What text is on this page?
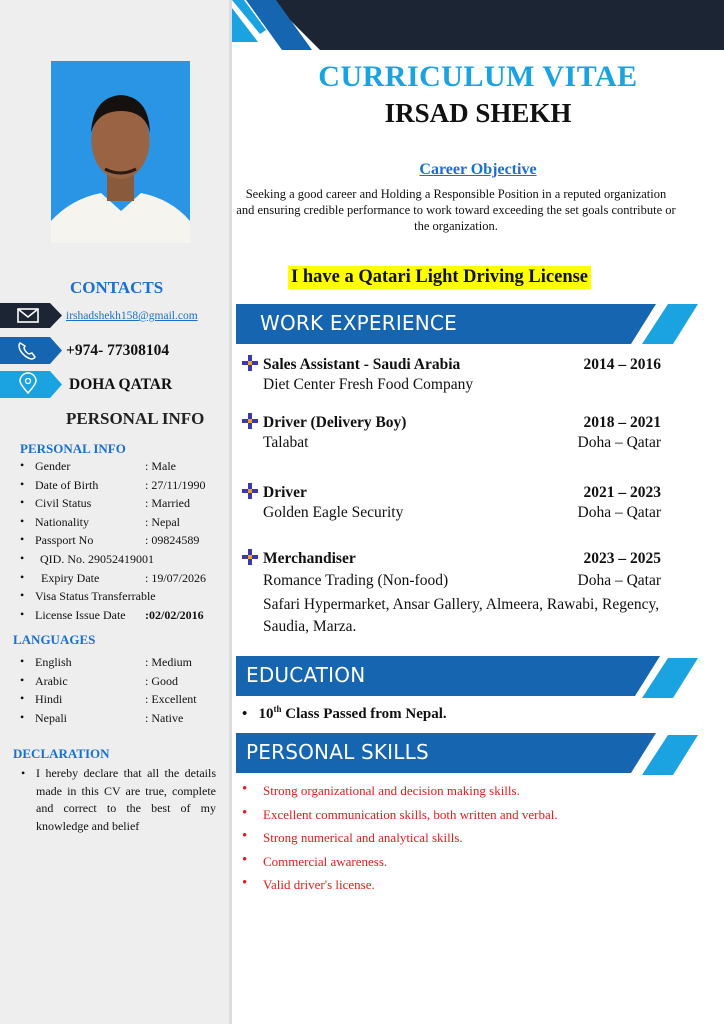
CONTACTS
irshadshekh158@gmail.com
+974- 77308104
DOHA QATAR
PERSONAL INFO
PERSONAL INFO
• Gender	: Male
• Date of Birth	: 27/11/1990
• Civil Status	: Married
• Nationality	: Nepal
• Passport No	: 09824589
• QID. No. 29052419001
• Expiry Date	: 19/07/2026
• Visa Status Transferrable
• License Issue Date :02/02/2016
LANGUAGES
• English	: Medium
• Arabic	: Good
• Hindi	: Excellent
• Nepali	: Native
DECLARATION
• I hereby declare that all the details made in this CV are true, complete and correct to the best of my knowledge and belief
CURRICULUM VITAE
IRSAD SHEKH
Career Objective
Seeking a good career and Holding a Responsible Position in a reputed organization and ensuring credible performance to work toward exceeding the set goals contribute or the organization.
I have a Qatari Light Driving License
WORK EXPERIENCE
Sales Assistant - Saudi Arabia	2014 – 2016
Diet Center Fresh Food Company
Driver (Delivery Boy)	2018 – 2021
Talabat	Doha – Qatar
Driver	2021 – 2023
Golden Eagle Security	Doha – Qatar
Merchandiser	2023 – 2025
Romance Trading (Non-food)	Doha – Qatar
Safari Hypermarket, Ansar Gallery, Almeera, Rawabi, Regency, Saudia, Marza.
EDUCATION
•   10th Class Passed from Nepal.
PERSONAL SKILLS
• Strong organizational and decision making skills.
• Excellent communication skills, both written and verbal.
• Strong numerical and analytical skills.
• Commercial awareness.
• Valid driver's license.
